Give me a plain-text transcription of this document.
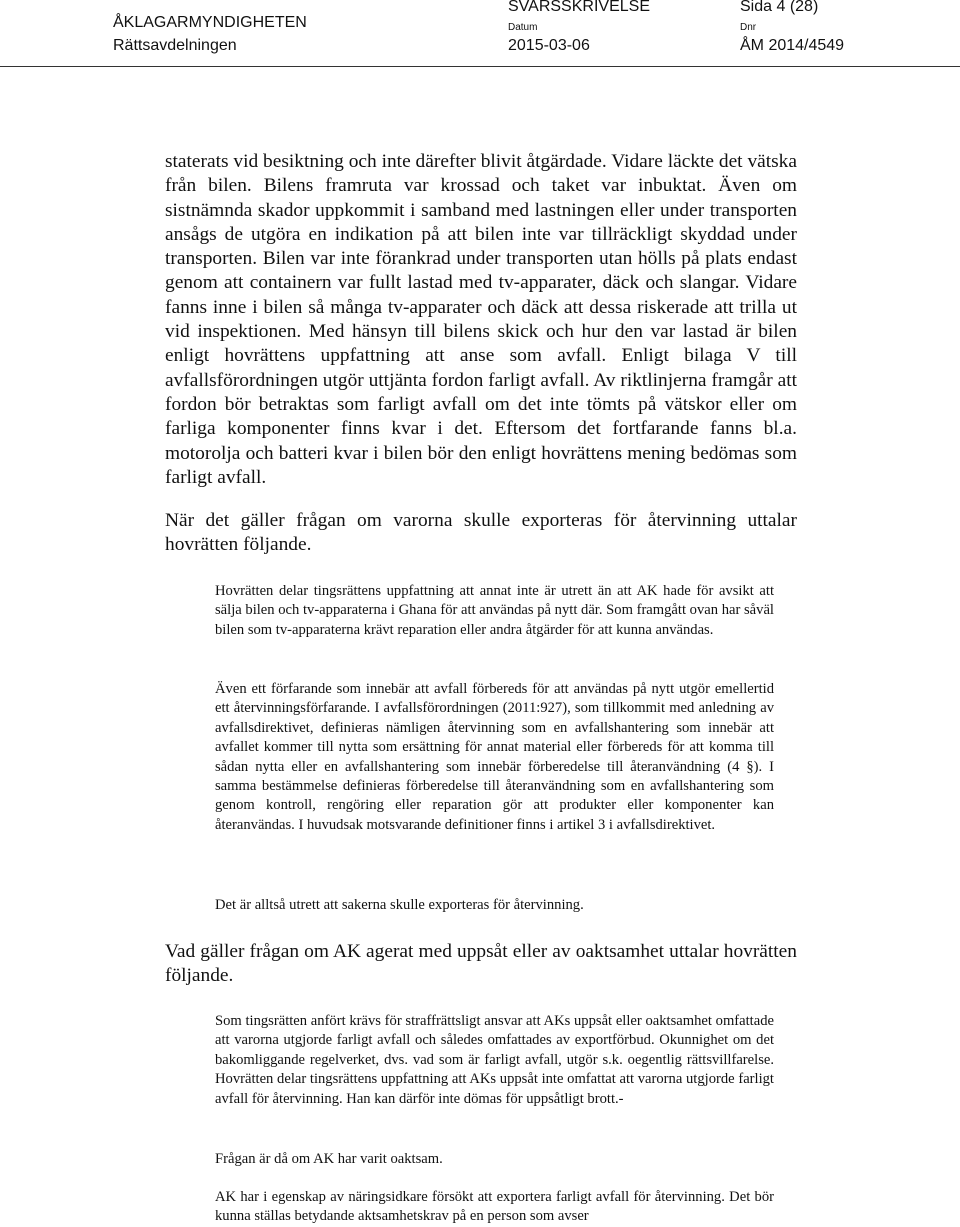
ÅKLAGARMYNDIGHETEN
Rättsavdelningen
SVARSSKRIVELSE	Sida 4 (28)
Datum
2015-03-06
Dnr
ÅM 2014/4549

staterats vid besiktning och inte därefter blivit åtgärdade. Vidare läckte det vätska från bilen. Bilens framruta var krossad och taket var inbuktat. Även om sistnämnda skador uppkommit i samband med lastningen eller under transporten ansågs de utgöra en indikation på att bilen inte var tillräckligt skyddad under transporten. Bilen var inte förankrad under transporten utan hölls på plats endast genom att containern var fullt lastad med tv-apparater, däck och slangar. Vidare fanns inne i bilen så många tv-apparater och däck att dessa riskerade att trilla ut vid inspektionen. Med hänsyn till bilens skick och hur den var lastad är bilen enligt hovrättens uppfattning att anse som avfall. Enligt bilaga V till avfallsförordningen utgör uttjänta fordon farligt avfall. Av riktlinjerna framgår att fordon bör betraktas som farligt avfall om det inte tömts på vätskor eller om farliga komponenter finns kvar i det. Eftersom det fortfarande fanns bl.a. motorolja och batteri kvar i bilen bör den enligt hovrättens mening bedömas som farligt avfall.

När det gäller frågan om varorna skulle exporteras för återvinning uttalar hovrätten följande.

Hovrätten delar tingsrättens uppfattning att annat inte är utrett än att AK hade för avsikt att sälja bilen och tv-apparaterna i Ghana för att användas på nytt där. Som framgått ovan har såväl bilen som tv-apparaterna krävt reparation eller andra åtgärder för att kunna användas.

Även ett förfarande som innebär att avfall förbereds för att användas på nytt utgör emellertid ett återvinningsförfarande. I avfallsförordningen (2011:927), som tillkommit med anledning av avfallsdirektivet, definieras nämligen återvinning som en avfallshantering som innebär att avfallet kommer till nytta som ersättning för annat material eller förbereds för att komma till sådan nytta eller en avfallshantering som innebär förberedelse till återanvändning (4 §). I samma bestämmelse definieras förberedelse till återanvändning som en avfallshantering som genom kontroll, rengöring eller reparation gör att produkter eller komponenter kan återanvändas. I huvudsak motsvarande definitioner finns i artikel 3 i avfallsdirektivet.

Det är alltså utrett att sakerna skulle exporteras för återvinning.

Vad gäller frågan om AK agerat med uppsåt eller av oaktsamhet uttalar hovrätten följande.

Som tingsrätten anfört krävs för straffrättsligt ansvar att AKs uppsåt eller oaktsamhet omfattade att varorna utgjorde farligt avfall och således omfattades av exportförbud. Okunnighet om det bakomliggande regelverket, dvs. vad som är farligt avfall, utgör s.k. oegentlig rättsvillfarelse. Hovrätten delar tingsrättens uppfattning att AKs uppsåt inte omfattat att varorna utgjorde farligt avfall för återvinning. Han kan därför inte dömas för uppsåtligt brott.-

Frågan är då om AK har varit oaktsam.

AK har i egenskap av näringsidkare försökt att exportera farligt avfall för återvinning. Det bör kunna ställas betydande aktsamhetskrav på en person som avser
